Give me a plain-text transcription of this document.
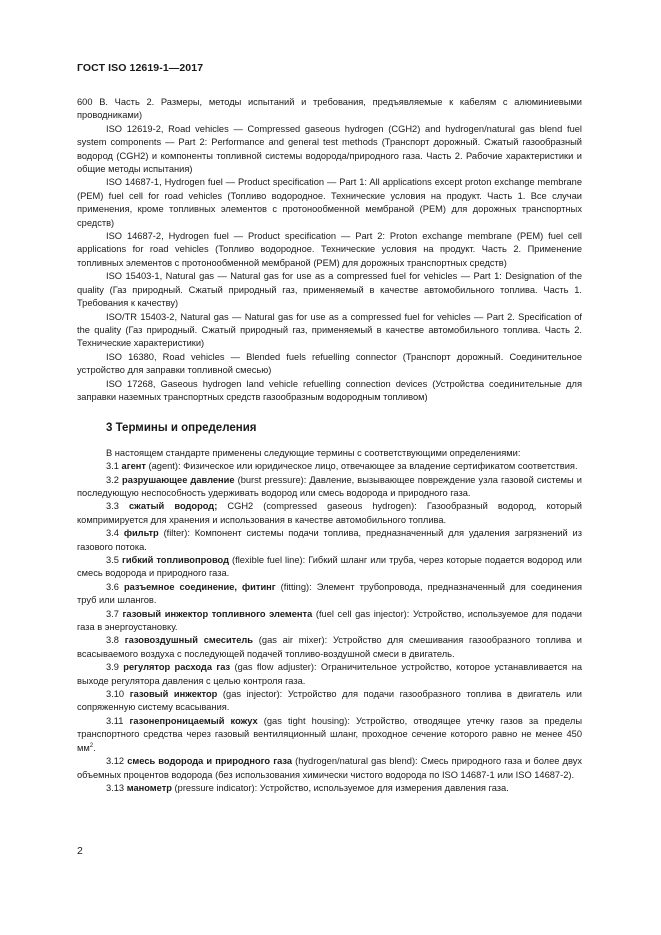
ГОСТ ISO 12619-1—2017

600 В. Часть 2. Размеры, методы испытаний и требования, предъявляемые к кабелям с алюминиевыми проводниками)

ISO 12619-2, Road vehicles — Compressed gaseous hydrogen (CGH2) and hydrogen/natural gas blend fuel system components — Part 2: Performance and general test methods (Транспорт дорожный. Сжатый газообразный водород (CGH2) и компоненты топливной системы водорода/природного газа. Часть 2. Рабочие характеристики и общие методы испытания)

ISO 14687-1, Hydrogen fuel — Product specification — Part 1: All applications except proton exchange membrane (PEM) fuel cell for road vehicles (Топливо водородное. Технические условия на продукт. Часть 1. Все случаи применения, кроме топливных элементов с протонообменной мембраной (PEM) для дорожных транспортных средств)

ISO 14687-2, Hydrogen fuel — Product specification — Part 2: Proton exchange membrane (PEM) fuel cell applications for road vehicles (Топливо водородное. Технические условия на продукт. Часть 2. Применение топливных элементов с протонообменной мембраной (PEM) для дорожных транспортных средств)

ISO 15403-1, Natural gas — Natural gas for use as a compressed fuel for vehicles — Part 1: Designation of the quality (Газ природный. Сжатый природный газ, применяемый в качестве автомобильного топлива. Часть 1. Требования к качеству)

ISO/TR 15403-2, Natural gas — Natural gas for use as a compressed fuel for vehicles — Part 2. Specification of the quality (Газ природный. Сжатый природный газ, применяемый в качестве автомобильного топлива. Часть 2. Технические характеристики)

ISO 16380, Road vehicles — Blended fuels refuelling connector (Транспорт дорожный. Соединительное устройство для заправки топливной смесью)

ISO 17268, Gaseous hydrogen land vehicle refuelling connection devices (Устройства соединительные для заправки наземных транспортных средств газообразным водородным топливом)

3 Термины и определения

В настоящем стандарте применены следующие термины с соответствующими определениями:

3.1 агент (agent): Физическое или юридическое лицо, отвечающее за владение сертификатом соответствия.

3.2 разрушающее давление (burst pressure): Давление, вызывающее повреждение узла газовой системы и последующую неспособность удерживать водород или смесь водорода и природного газа.

3.3 сжатый водород; CGH2 (compressed gaseous hydrogen): Газообразный водород, который компримируется для хранения и использования в качестве автомобильного топлива.

3.4 фильтр (filter): Компонент системы подачи топлива, предназначенный для удаления загрязнений из газового потока.

3.5 гибкий топливопровод (flexible fuel line): Гибкий шланг или труба, через которые подается водород или смесь водорода и природного газа.

3.6 разъемное соединение, фитинг (fitting): Элемент трубопровода, предназначенный для соединения труб или шлангов.

3.7 газовый инжектор топливного элемента (fuel cell gas injector): Устройство, используемое для подачи газа в энергоустановку.

3.8 газовоздушный смеситель (gas air mixer): Устройство для смешивания газообразного топлива и всасываемого воздуха с последующей подачей топливо-воздушной смеси в двигатель.

3.9 регулятор расхода газ (gas flow adjuster): Ограничительное устройство, которое устанавливается на выходе регулятора давления с целью контроля газа.

3.10 газовый инжектор (gas injector): Устройство для подачи газообразного топлива в двигатель или сопряженную систему всасывания.

3.11 газонепроницаемый кожух (gas tight housing): Устройство, отводящее утечку газов за пределы транспортного средства через газовый вентиляционный шланг, проходное сечение которого равно не менее 450 $мм^2$.

3.12 смесь водорода и природного газа (hydrogen/natural gas blend): Смесь природного газа и более двух объемных процентов водорода (без использования химически чистого водорода по ISO 14687-1 или ISO 14687-2).

3.13 манометр (pressure indicator): Устройство, используемое для измерения давления газа.

2
